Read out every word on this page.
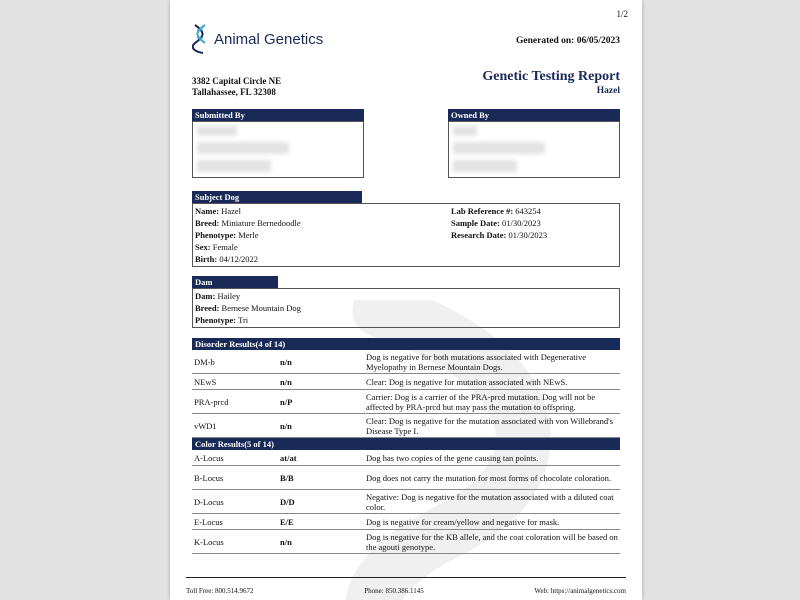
1/2
Animal Genetics	Generated on: 06/05/2023
3382 Capital Circle NE
Tallahassee, FL 32308
Genetic Testing Report
Hazel
Submitted By	Owned By
Subject Dog
Name: Hazel
Breed: Miniature Bernedoodle
Phenotype: Merle
Sex: Female
Birth: 04/12/2022
Lab Reference #: 643254
Sample Date: 01/30/2023
Research Date: 01/30/2023
Dam
Dam: Hailey
Breed: Bernese Mountain Dog
Phenotype: Tri
Disorder Results(4 of 14)
DM-b	n/n	Dog is negative for both mutations associated with Degenerative Myelopathy in Bernese Mountain Dogs.
NEwS	n/n	Clear: Dog is negative for mutation associated with NEwS.
PRA-prcd	n/P	Carrier: Dog is a carrier of the PRA-prcd mutation. Dog will not be affected by PRA-prcd but may pass the mutation to offspring.
vWD1	n/n	Clear: Dog is negative for the mutation associated with von Willebrand's Disease Type I.
Color Results(5 of 14)
A-Locus	at/at	Dog has two copies of the gene causing tan points.
B-Locus	B/B	Dog does not carry the mutation for most forms of chocolate coloration.
D-Locus	D/D	Negative: Dog is negative for the mutation associated with a diluted coat color.
E-Locus	E/E	Dog is negative for cream/yellow and negative for mask.
K-Locus	n/n	Dog is negative for the KB allele, and the coat coloration will be based on the agouti genotype.
Toll Free: 800.514.9672	Phone: 850.386.1145	Web: https://animalgenetics.com
